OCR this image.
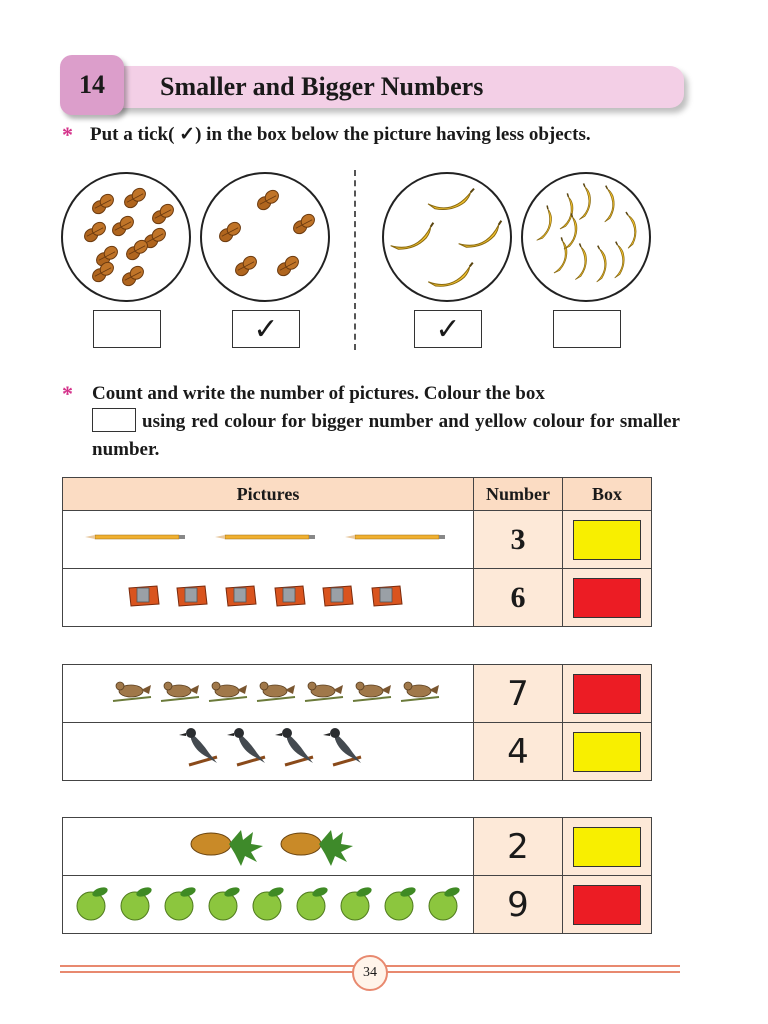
Smaller and Bigger Numbers
14
* Put a tick( ✓) in the box below the picture having less objects.
✓	✓
* Count and write the number of pictures. Colour the box
using red colour for bigger number and yellow colour for smaller number.
Pictures	Number	Box
	3	

	6	
	7	

	4	
	2	

	9	
34
